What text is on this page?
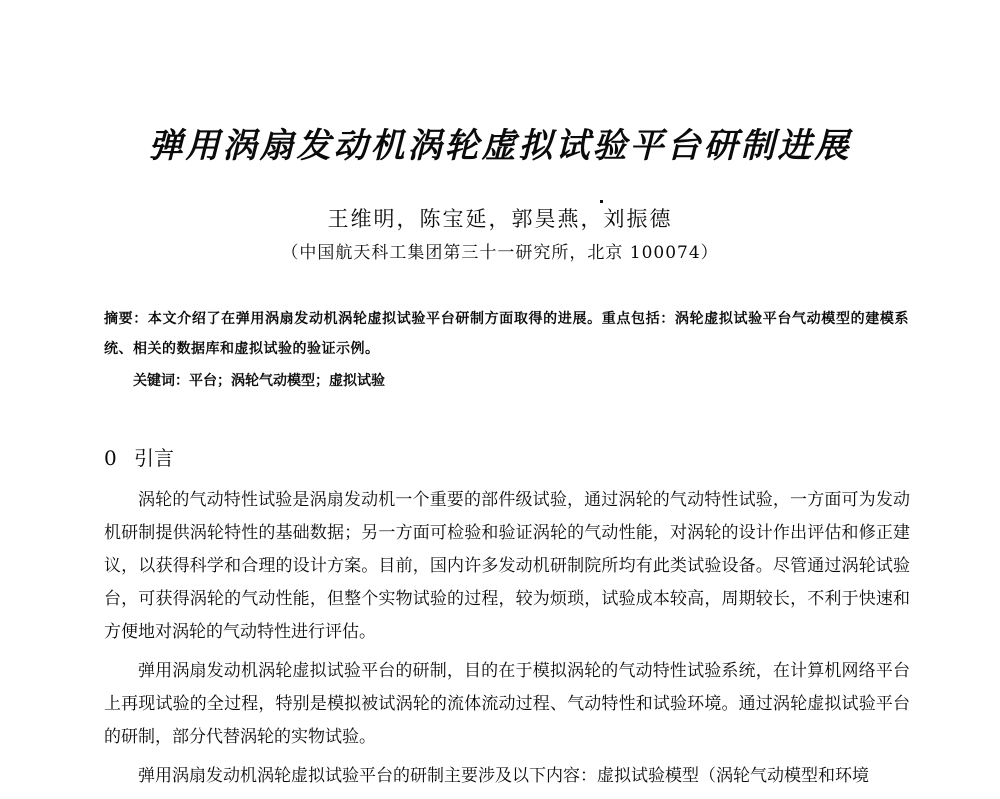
弹用涡扇发动机涡轮虚拟试验平台研制进展
王维明，陈宝延，郭昊燕，刘振德
（中国航天科工集团第三十一研究所，北京 100074）
摘要：本文介绍了在弹用涡扇发动机涡轮虚拟试验平台研制方面取得的进展。重点包括：涡轮虚拟试验平台气动模型的建模系统、相关的数据库和虚拟试验的验证示例。
关键词：平台；涡轮气动模型；虚拟试验
0 引言

涡轮的气动特性试验是涡扇发动机一个重要的部件级试验，通过涡轮的气动特性试验，一方面可为发动机研制提供涡轮特性的基础数据；另一方面可检验和验证涡轮的气动性能，对涡轮的设计作出评估和修正建议，以获得科学和合理的设计方案。目前，国内许多发动机研制院所均有此类试验设备。尽管通过涡轮试验台，可获得涡轮的气动性能，但整个实物试验的过程，较为烦琐，试验成本较高，周期较长，不利于快速和方便地对涡轮的气动特性进行评估。

弹用涡扇发动机涡轮虚拟试验平台的研制，目的在于模拟涡轮的气动特性试验系统，在计算机网络平台上再现试验的全过程，特别是模拟被试涡轮的流体流动过程、气动特性和试验环境。通过涡轮虚拟试验平台的研制，部分代替涡轮的实物试验。

弹用涡扇发动机涡轮虚拟试验平台的研制主要涉及以下内容：虚拟试验模型（涡轮气动模型和环境
